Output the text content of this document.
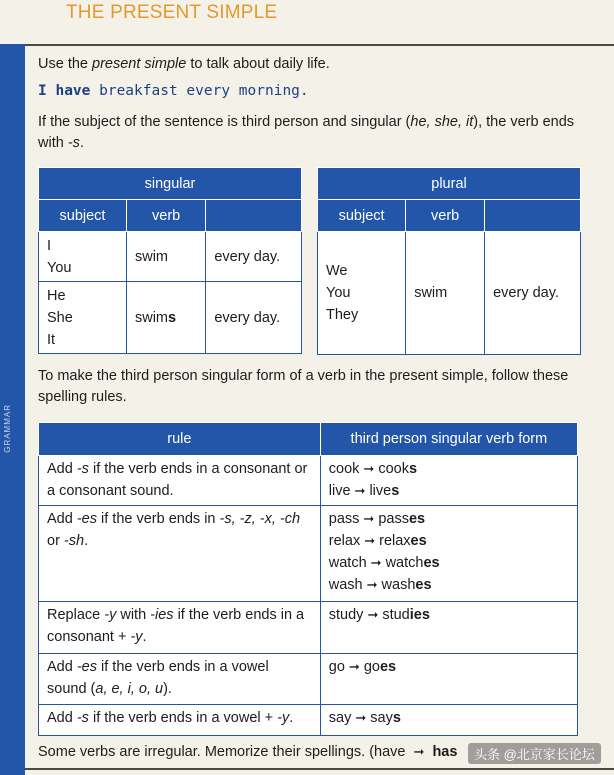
THE PRESENT SIMPLE
GRAMMAR

Use the present simple to talk about daily life.

I have breakfast every morning.

If the subject of the sentence is third person and singular (he, she, it), the verb ends with -s.

singular		
subject	verb	

I
You	swim	every day.

He
She
It	swims	every day.
plural		
subject	verb	

We
You
They	swim	every day.

To make the third person singular form of a verb in the present simple, follow these spelling rules.

rule	third person singular verb form
Add -s if the verb ends in a consonant or a consonant sound.	cook ➞ cooks
live ➞ lives

Add -es if the verb ends in -s, -z, -x, -ch or -sh.	pass ➞ passes
relax ➞ relaxes
watch ➞ watches
wash ➞ washes

Replace -y with -ies if the verb ends in a consonant + -y.	study ➞ studies

Add -es if the verb ends in a vowel sound (a, e, i, o, u).	go ➞ goes

Add -s if the verb ends in a vowel + -y.	say ➞ says
Some verbs are irregular. Memorize their spellings. (have ➞ has	头条 @北京家长论坛
